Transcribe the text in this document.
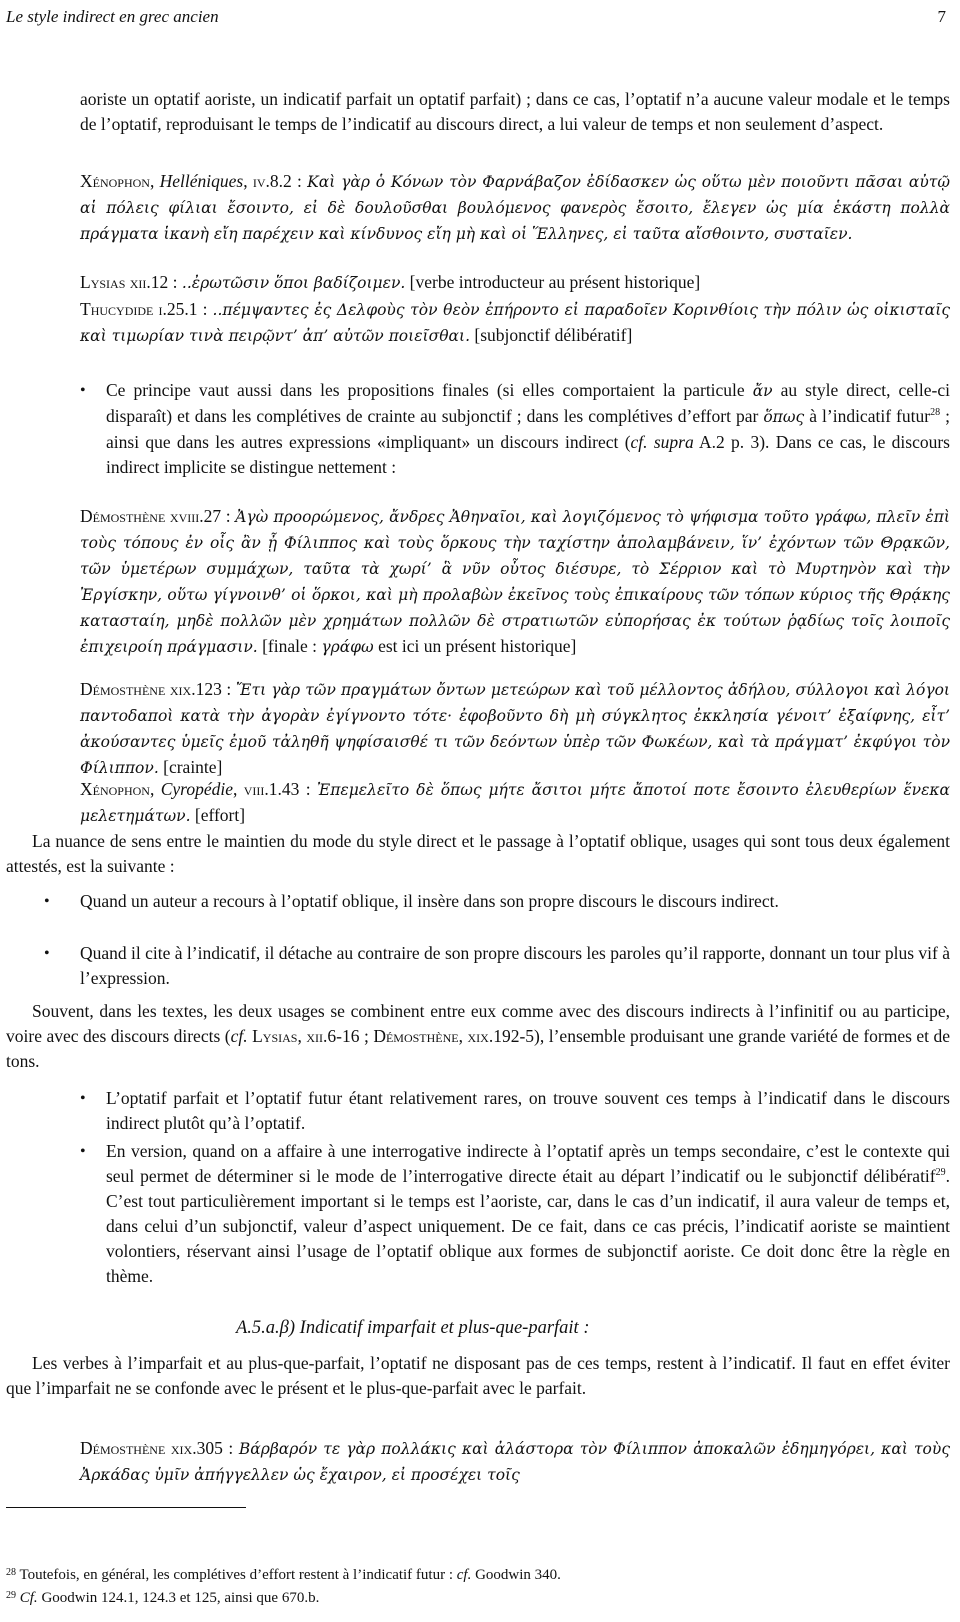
Le style indirect en grec ancien	7

aoriste un optatif aoriste, un indicatif parfait un optatif parfait) ; dans ce cas, l’optatif n’a aucune valeur modale et le temps de l’optatif, reproduisant le temps de l’indicatif au discours direct, a lui valeur de temps et non seulement d’aspect.

Xénophon, Helléniques, iv.8.2 : Καὶ γὰρ ὁ Κόνων τὸν Φαρνάβαζον ἐδίδασκεν ὡς οὕτω μὲν ποιοῦντι πᾶσαι αὐτῷ αἱ πόλεις φίλιαι ἔσοιντο, εἰ δὲ δουλοῦσθαι βουλόμενος φανερὸς ἔσοιτο, ἔλεγεν ὡς μία ἑκάστη πολλὰ πράγματα ἱκανὴ εἴη παρέχειν καὶ κίνδυνος εἴη μὴ καὶ οἱ Ἕλληνες, εἰ ταῦτα αἴσθοιντο, συσταῖεν.

Lysias xii.12 : ..ἐρωτῶσιν ὅποι βαδίζοιμεν. [verbe introducteur au présent historique]

Thucydide i.25.1 : ..πέμψαντες ἐς Δελφοὺς τὸν θεὸν ἐπήροντο εἰ παραδοῖεν Κορινθίοις τὴν πόλιν ὡς οἰκισταῖς καὶ τιμωρίαν τινὰ πειρῷντ’ ἀπ’ αὐτῶν ποιεῖσθαι. [subjonctif délibératif]

• Ce principe vaut aussi dans les propositions finales (si elles comportaient la particule ἄν au style direct, celle-ci disparaît) et dans les complétives de crainte au subjonctif ; dans les complétives d’effort par ὅπως à l’indicatif futur$^{28}$ ; ainsi que dans les autres expressions «impliquant» un discours indirect (cf. supra A.2 p. 3). Dans ce cas, le discours indirect implicite se distingue nettement :

Démosthène xviii.27 : Ἀγὼ προορώμενος, ἄνδρες Ἀθηναῖοι, καὶ λογιζόμενος τὸ ψήφισμα τοῦτο γράφω, πλεῖν ἐπὶ τοὺς τόπους ἐν οἷς ἂν ᾖ Φίλιππος καὶ τοὺς ὅρκους τὴν ταχίστην ἀπολαμβάνειν, ἵν’ ἐχόντων τῶν Θρᾳκῶν, τῶν ὑμετέρων συμμάχων, ταῦτα τὰ χωρί’ ἃ νῦν οὗτος διέσυρε, τὸ Σέρριον καὶ τὸ Μυρτηνὸν καὶ τὴν Ἐργίσκην, οὕτω γίγνοινθ’ οἱ ὅρκοι, καὶ μὴ προλαβὼν ἐκεῖνος τοὺς ἐπικαίρους τῶν τόπων κύριος τῆς Θρᾴκης κατασταίη, μηδὲ πολλῶν μὲν χρημάτων πολλῶν δὲ στρατιωτῶν εὐπορήσας ἐκ τούτων ῥᾳδίως τοῖς λοιποῖς ἐπιχειροίη πράγμασιν. [finale : γράφω est ici un présent historique]

Démosthène xix.123 : Ἔτι γὰρ τῶν πραγμάτων ὄντων μετεώρων καὶ τοῦ μέλλοντος ἀδήλου, σύλλογοι καὶ λόγοι παντοδαποὶ κατὰ τὴν ἀγορὰν ἐγίγνοντο τότε· ἐφοβοῦντο δὴ μὴ σύγκλητος ἐκκλησία γένοιτ’ ἐξαίφνης, εἶτ’ ἀκούσαντες ὑμεῖς ἐμοῦ τἀληθῆ ψηφίσαισθέ τι τῶν δεόντων ὑπὲρ τῶν Φωκέων, καὶ τὰ πράγματ’ ἐκφύγοι τὸν Φίλιππον. [crainte]

Xénophon, Cyropédie, viii.1.43 : Ἐπεμελεῖτο δὲ ὅπως μήτε ἄσιτοι μήτε ἄποτοί ποτε ἔσοιντο ἐλευθερίων ἕνεκα μελετημάτων. [effort]

La nuance de sens entre le maintien du mode du style direct et le passage à l’optatif oblique, usages qui sont tous deux également attestés, est la suivante :

• Quand un auteur a recours à l’optatif oblique, il insère dans son propre discours le discours indirect.

• Quand il cite à l’indicatif, il détache au contraire de son propre discours les paroles qu’il rapporte, donnant un tour plus vif à l’expression.

Souvent, dans les textes, les deux usages se combinent entre eux comme avec des discours indirects à l’infinitif ou au participe, voire avec des discours directs (cf. Lysias, xii.6-16 ; Démosthène, xix.192-5), l’ensemble produisant une grande variété de formes et de tons.

• L’optatif parfait et l’optatif futur étant relativement rares, on trouve souvent ces temps à l’indicatif dans le discours indirect plutôt qu’à l’optatif.

• En version, quand on a affaire à une interrogative indirecte à l’optatif après un temps secondaire, c’est le contexte qui seul permet de déterminer si le mode de l’interrogative directe était au départ l’indicatif ou le subjonctif délibératif$^{29}$. C’est tout particulièrement important si le temps est l’aoriste, car, dans le cas d’un indicatif, il aura valeur de temps et, dans celui d’un subjonctif, valeur d’aspect uniquement. De ce fait, dans ce cas précis, l’indicatif aoriste se maintient volontiers, réservant ainsi l’usage de l’optatif oblique aux formes de subjonctif aoriste. Ce doit donc être la règle en thème.

A.5.a.β) Indicatif imparfait et plus-que-parfait :

Les verbes à l’imparfait et au plus-que-parfait, l’optatif ne disposant pas de ces temps, restent à l’indicatif. Il faut en effet éviter que l’imparfait ne se confonde avec le présent et le plus-que-parfait avec le parfait.

Démosthène xix.305 : Βάρβαρόν τε γὰρ πολλάκις καὶ ἀλάστορα τὸν Φίλιππον ἀποκαλῶν ἐδημηγόρει, καὶ τοὺς Ἀρκάδας ὑμῖν ἀπήγγελλεν ὡς ἔχαιρον, εἰ προσέχει τοῖς

$^{28}$ Toutefois, en général, les complétives d’effort restent à l’indicatif futur : cf. Goodwin 340.
$^{29}$ Cf. Goodwin 124.1, 124.3 et 125, ainsi que 670.b.
